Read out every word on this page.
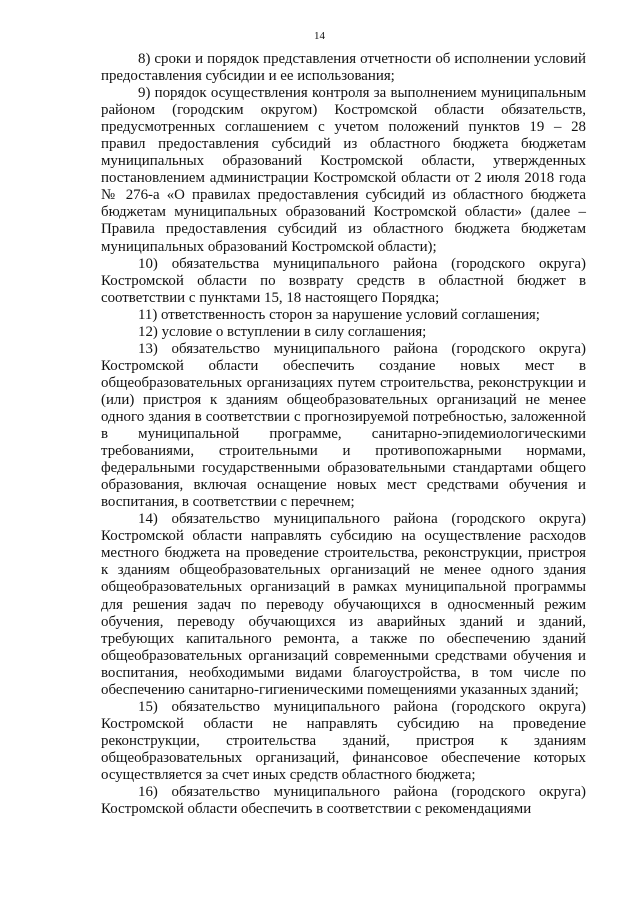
14

8) сроки и порядок представления отчетности об исполнении условий предоставления субсидии и ее использования;

9) порядок осуществления контроля за выполнением муниципальным районом (городским округом) Костромской области обязательств, предусмотренных соглашением с учетом положений пунктов 19 – 28 правил предоставления субсидий из областного бюджета бюджетам муниципальных образований Костромской области, утвержденных постановлением администрации Костромской области от 2 июля 2018 года № 276-а «О правилах предоставления субсидий из областного бюджета бюджетам муниципальных образований Костромской области» (далее – Правила предоставления субсидий из областного бюджета бюджетам муниципальных образований Костромской области);

10) обязательства муниципального района (городского округа) Костромской области по возврату средств в областной бюджет в соответствии с пунктами 15, 18 настоящего Порядка;

11) ответственность сторон за нарушение условий соглашения;

12) условие о вступлении в силу соглашения;

13) обязательство муниципального района (городского округа) Костромской области обеспечить создание новых мест в общеобразовательных организациях путем строительства, реконструкции и (или) пристроя к зданиям общеобразовательных организаций не менее одного здания в соответствии с прогнозируемой потребностью, заложенной в муниципальной программе, санитарно-эпидемиологическими требованиями, строительными и противопожарными нормами, федеральными государственными образовательными стандартами общего образования, включая оснащение новых мест средствами обучения и воспитания, в соответствии с перечнем;

14) обязательство муниципального района (городского округа) Костромской области направлять субсидию на осуществление расходов местного бюджета на проведение строительства, реконструкции, пристроя к зданиям общеобразовательных организаций не менее одного здания общеобразовательных организаций в рамках муниципальной программы для решения задач по переводу обучающихся в односменный режим обучения, переводу обучающихся из аварийных зданий и зданий, требующих капитального ремонта, а также по обеспечению зданий общеобразовательных организаций современными средствами обучения и воспитания, необходимыми видами благоустройства, в том числе по обеспечению санитарно-гигиеническими помещениями указанных зданий;

15) обязательство муниципального района (городского округа) Костромской области не направлять субсидию на проведение реконструкции, строительства зданий, пристроя к зданиям общеобразовательных организаций, финансовое обеспечение которых осуществляется за счет иных средств областного бюджета;

16) обязательство муниципального района (городского округа) Костромской области обеспечить в соответствии с рекомендациями
